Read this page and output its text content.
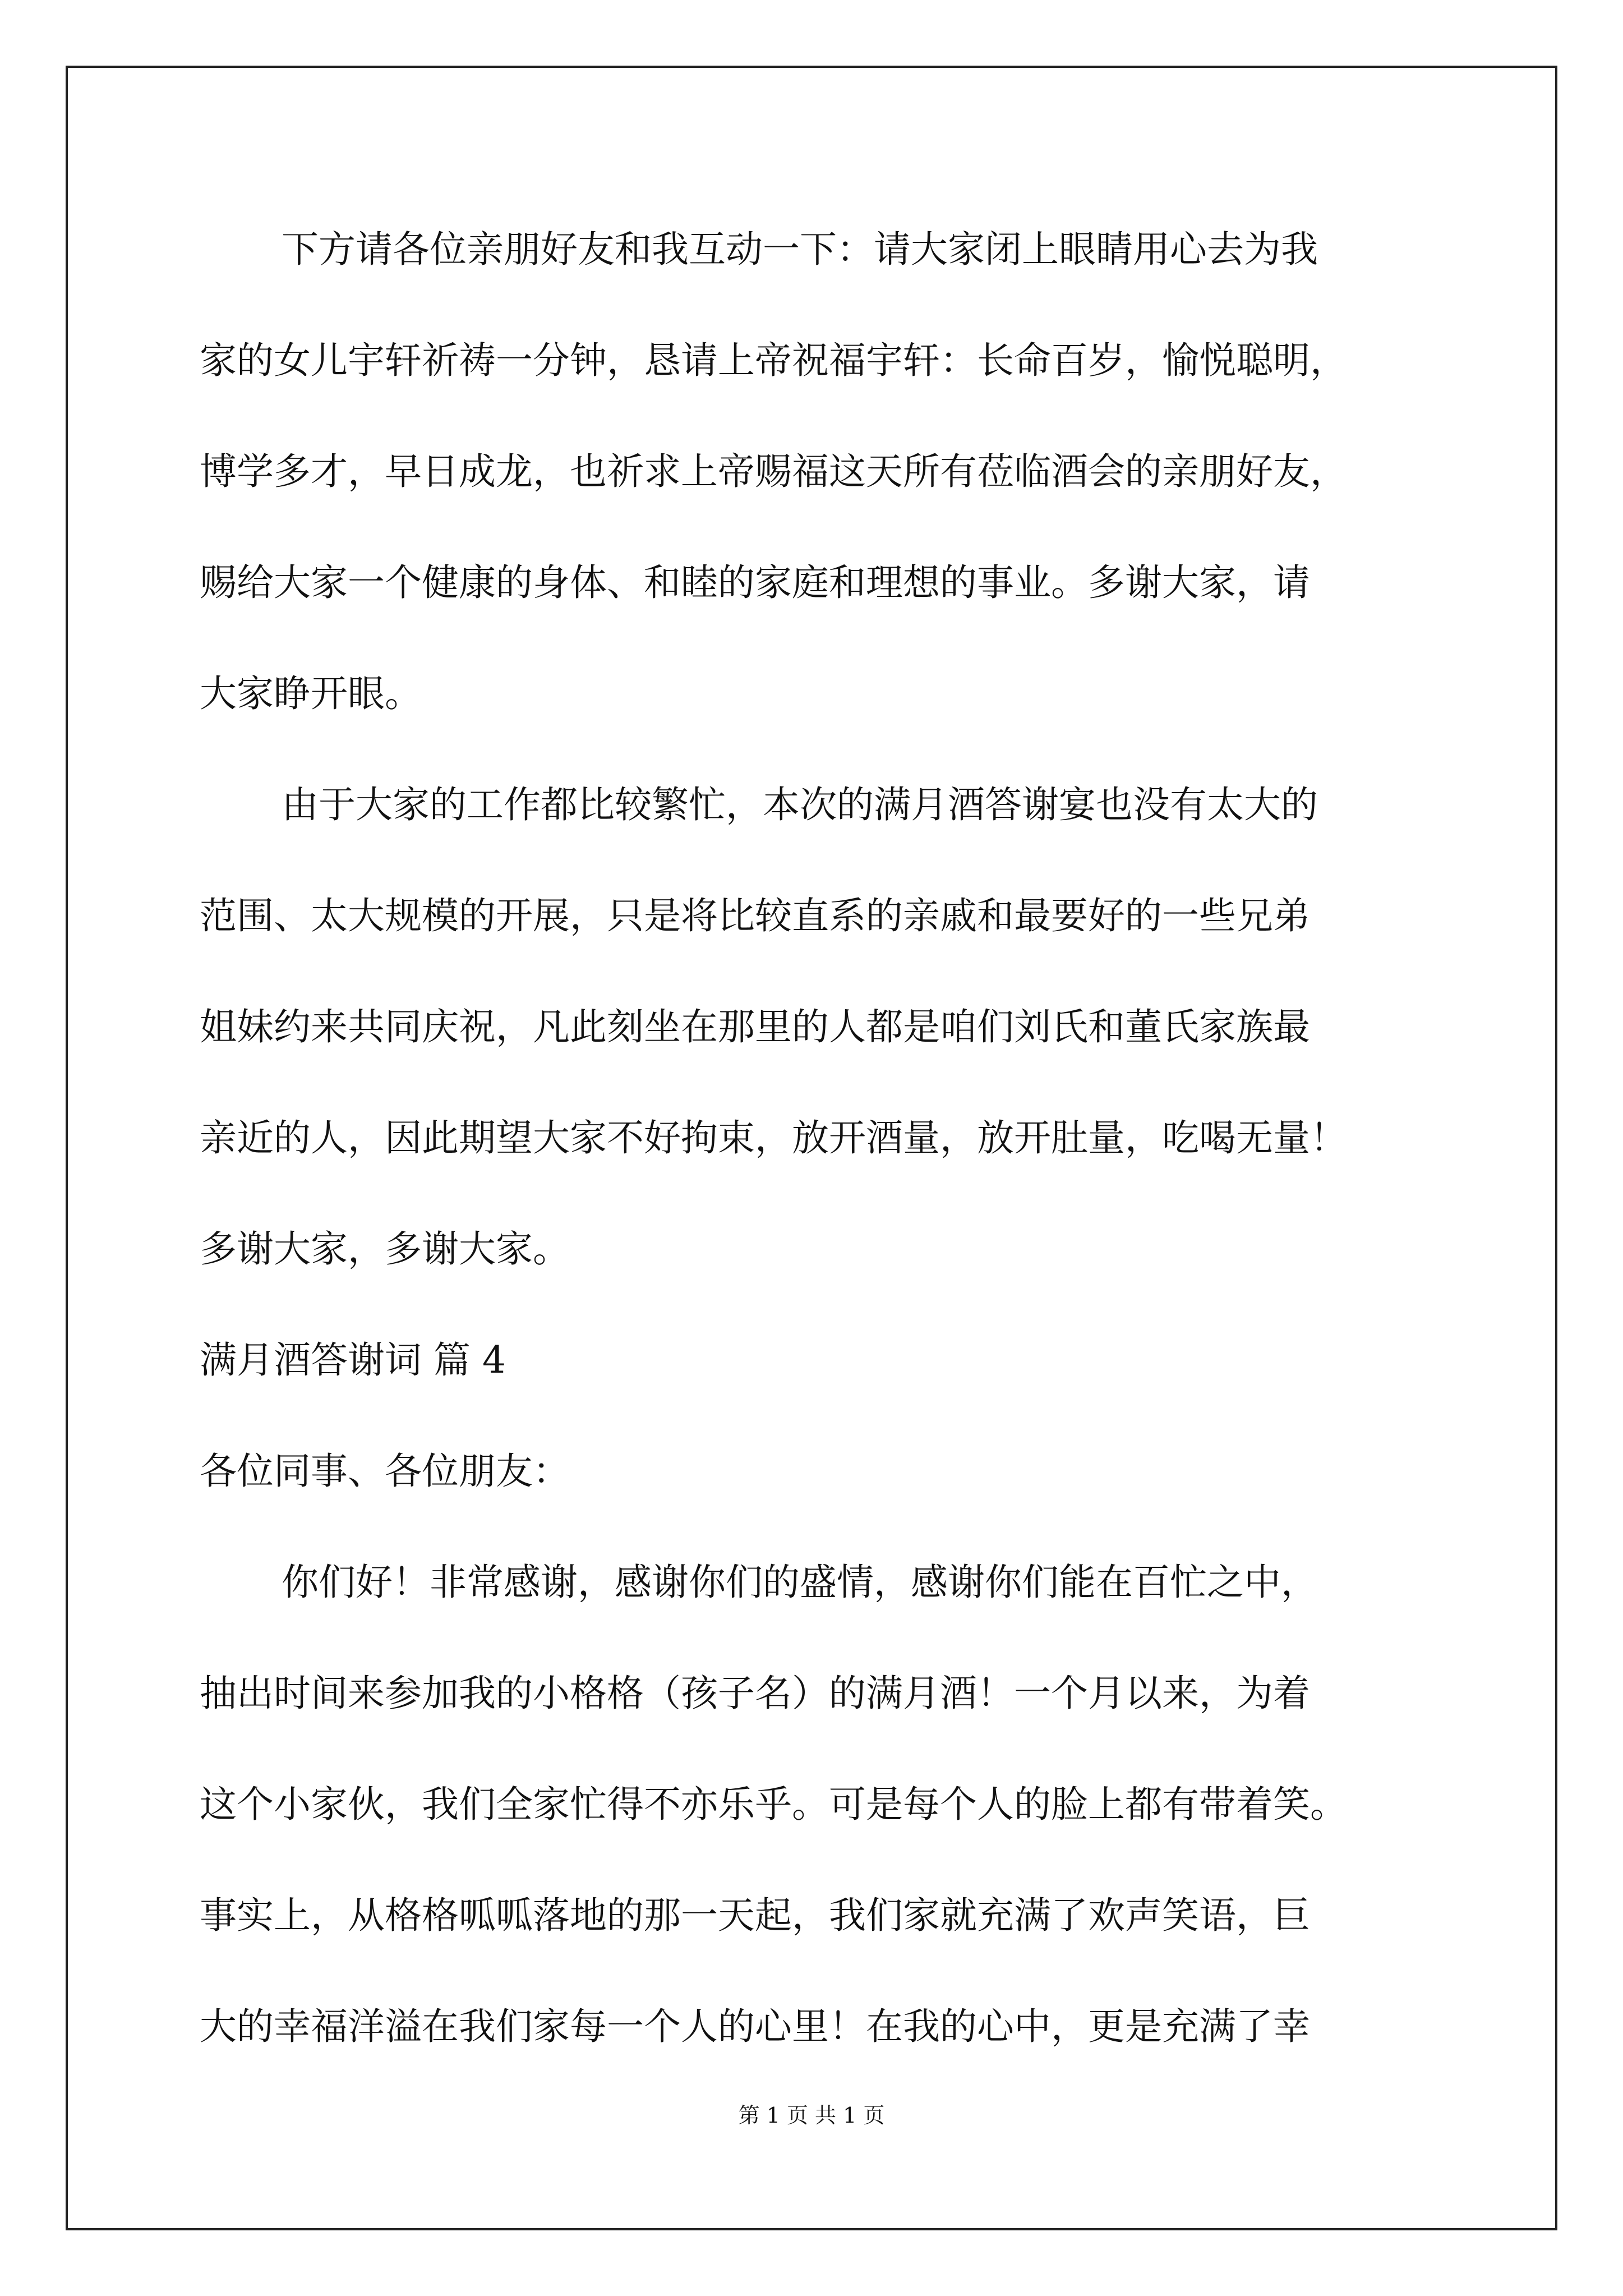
下方请各位亲朋好友和我互动一下：请大家闭上眼睛用心去为我
家的女儿宇轩祈祷一分钟，恳请上帝祝福宇轩：长命百岁，愉悦聪明，
博学多才，早日成龙，也祈求上帝赐福这天所有莅临酒会的亲朋好友，
赐给大家一个健康的身体、和睦的家庭和理想的事业。多谢大家，请
大家睁开眼。
由于大家的工作都比较繁忙，本次的满月酒答谢宴也没有太大的
范围、太大规模的开展，只是将比较直系的亲戚和最要好的一些兄弟
姐妹约来共同庆祝，凡此刻坐在那里的人都是咱们刘氏和董氏家族最
亲近的人，因此期望大家不好拘束，放开酒量，放开肚量，吃喝无量！
多谢大家，多谢大家。
满月酒答谢词 篇 4
各位同事、各位朋友：
你们好！非常感谢，感谢你们的盛情，感谢你们能在百忙之中，
抽出时间来参加我的小格格（孩子名）的满月酒！一个月以来，为着
这个小家伙，我们全家忙得不亦乐乎。可是每个人的脸上都有带着笑。
事实上，从格格呱呱落地的那一天起，我们家就充满了欢声笑语，巨
大的幸福洋溢在我们家每一个人的心里！在我的心中，更是充满了幸
第 1 页 共 1 页
